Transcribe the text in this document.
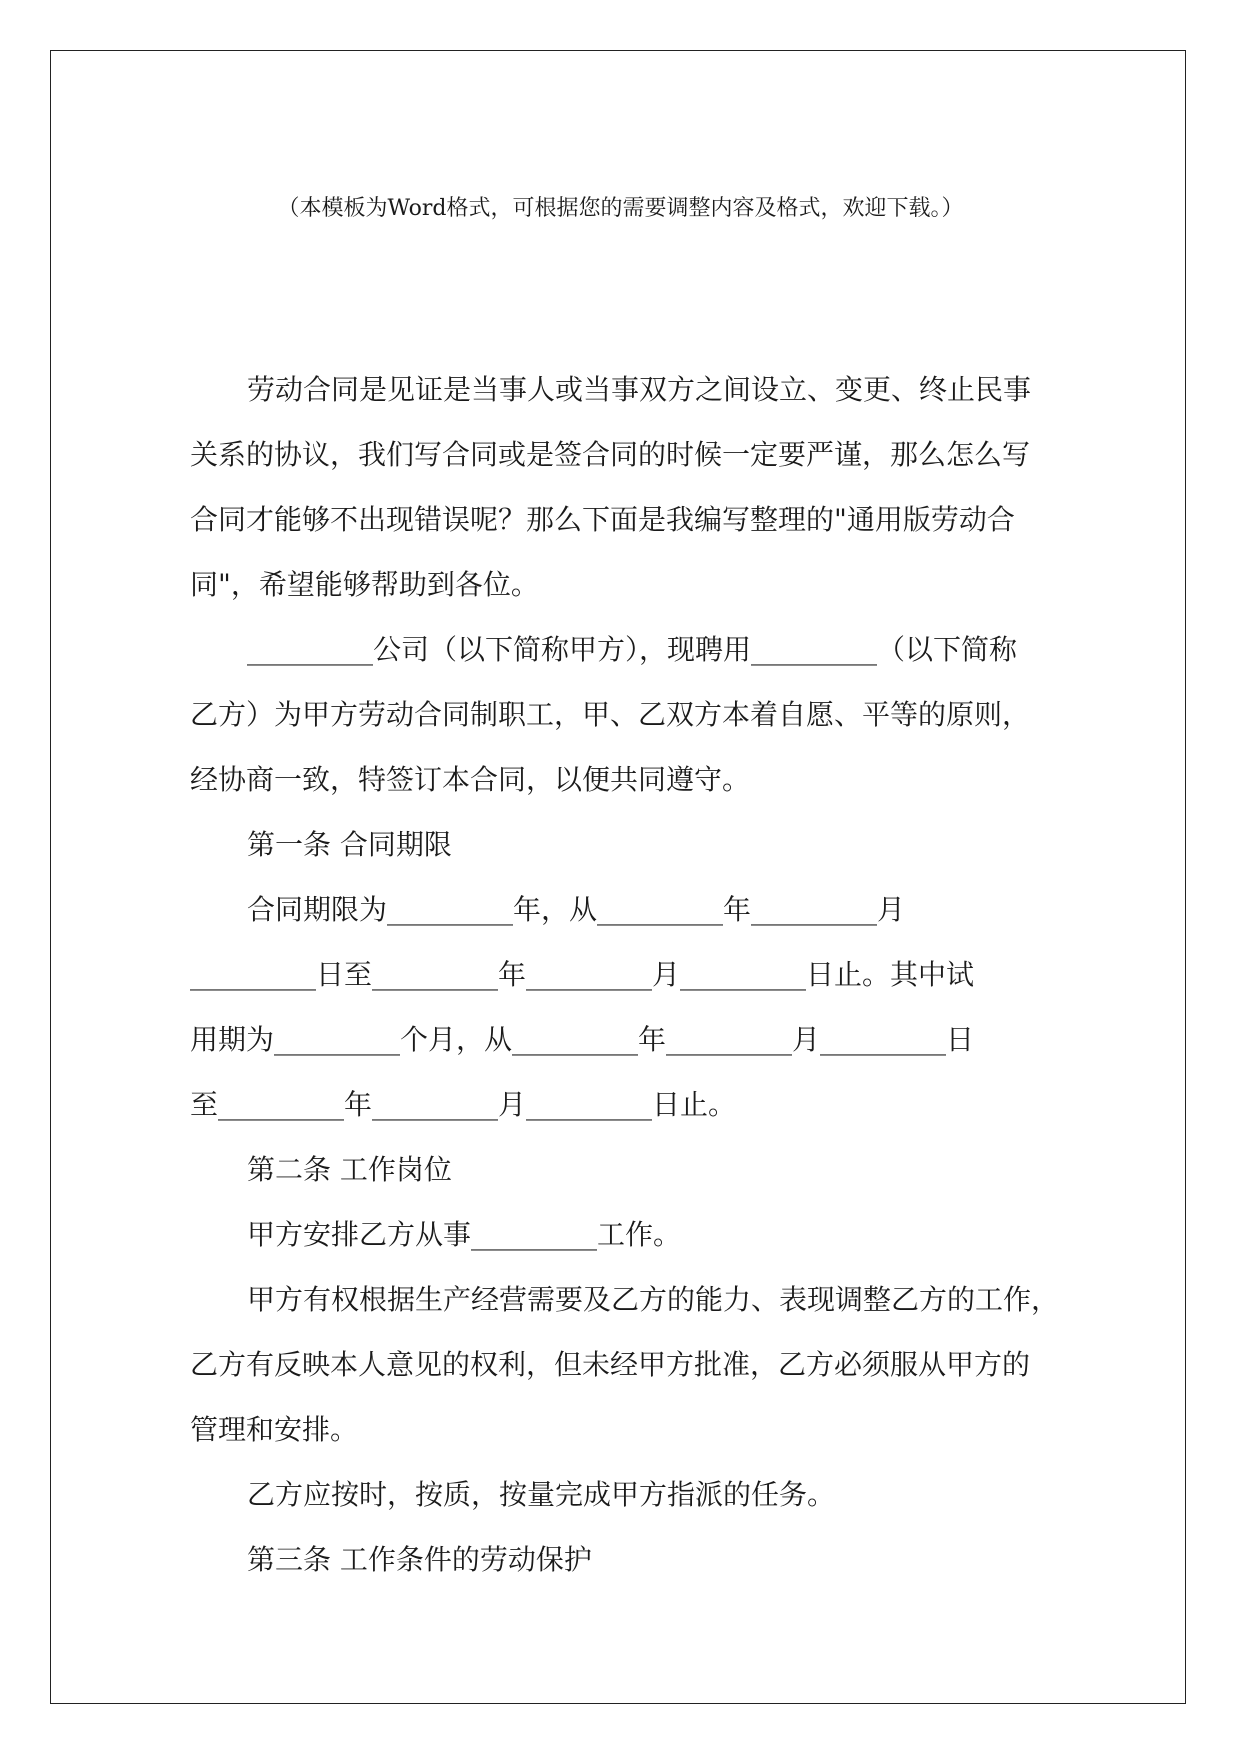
（本模板为Word格式，可根据您的需要调整内容及格式，欢迎下载。）
劳动合同是见证是当事人或当事双方之间设立、变更、终止民事
关系的协议，我们写合同或是签合同的时候一定要严谨，那么怎么写
合同才能够不出现错误呢？那么下面是我编写整理的"通用版劳动合
同"，希望能够帮助到各位。
_________公司（以下简称甲方），现聘用_________（以下简称
乙方）为甲方劳动合同制职工，甲、乙双方本着自愿、平等的原则，
经协商一致，特签订本合同，以便共同遵守。
第一条 合同期限
合同期限为_________年，从_________年_________月
_________日至_________年_________月_________日止。其中试
用期为_________个月，从_________年_________月_________日
至_________年_________月_________日止。
第二条 工作岗位
甲方安排乙方从事_________工作。
甲方有权根据生产经营需要及乙方的能力、表现调整乙方的工作，
乙方有反映本人意见的权利，但未经甲方批准，乙方必须服从甲方的
管理和安排。
乙方应按时，按质，按量完成甲方指派的任务。
第三条 工作条件的劳动保护
